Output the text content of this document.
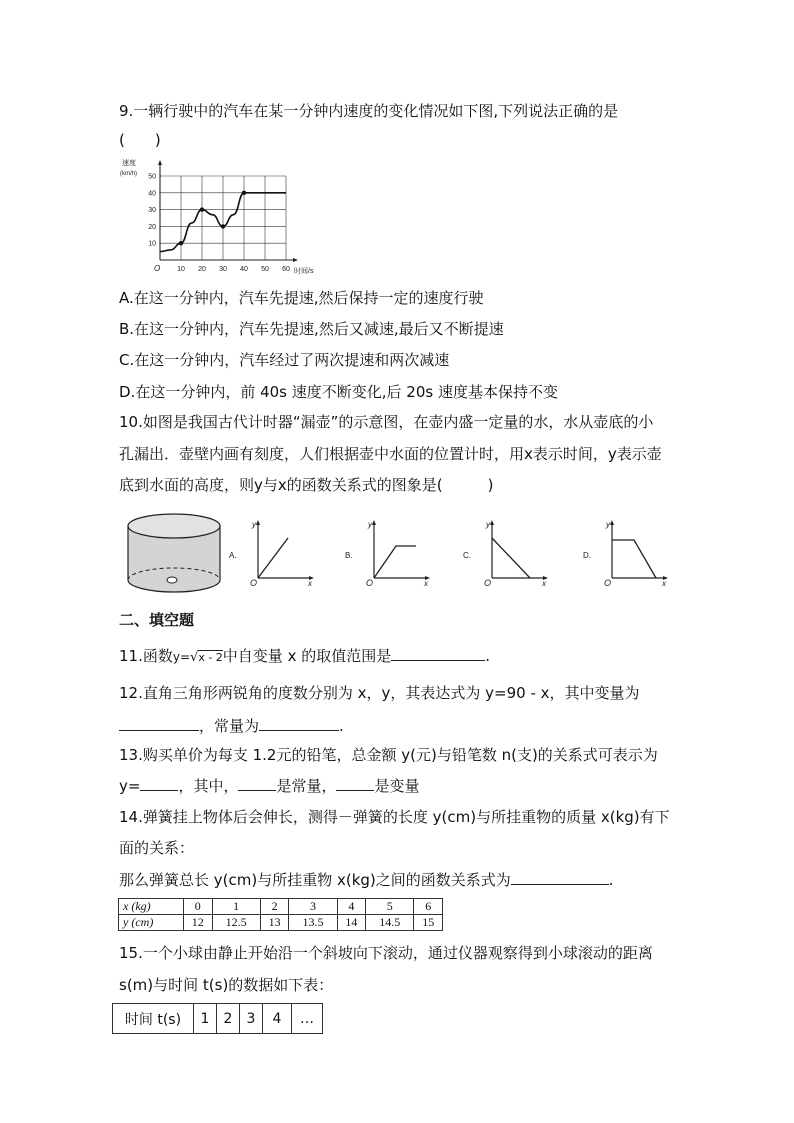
9.一辆行驶中的汽车在某一分钟内速度的变化情况如下图,下列说法正确的是
(　　)
10 20 30 40 50 60
10
20
30
40
50
速度
(km/h)
时间/s
O
A.在这一分钟内，汽车先提速,然后保持一定的速度行驶
B.在这一分钟内，汽车先提速,然后又减速,最后又不断提速
C.在这一分钟内，汽车经过了两次提速和两次减速
D.在这一分钟内，前 40s 速度不断变化,后 20s 速度基本保持不变
10.如图是我国古代计时器“漏壶”的示意图，在壶内盛一定量的水，水从壶底的小
孔漏出．壶壁内画有刻度，人们根据壶中水面的位置计时，用x表示时间，y表示壶
底到水面的高度，则y与x的函数关系式的图象是(　　　)
A.
y
x
O
B.
y
x
O
C.
y
x
O
D.
y
x
O
二、填空题
11.函数y=√x - 2中自变量 x 的取值范围是	.
12.直角三角形两锐角的度数分别为 x，y，其表达式为 y=90 - x，其中变量为
，常量为	.
13.购买单价为每支 1.2元的铅笔，总金额 y(元)与铅笔数 n(支)的关系式可表示为
y=	，其中，	是常量，	是变量
14.弹簧挂上物体后会伸长，测得－弹簧的长度 y(cm)与所挂重物的质量 x(kg)有下
面的关系：
那么弹簧总长 y(cm)与所挂重物 x(kg)之间的函数关系式为	.
x (kg)	0	1	2	3	4	5	6
y (cm)	12	12.5	13	13.5	14	14.5	15
15.一个小球由静止开始沿一个斜坡向下滚动，通过仪器观察得到小球滚动的距离
s(m)与时间 t(s)的数据如下表：
时间 t(s)	1	2	3	4	…
